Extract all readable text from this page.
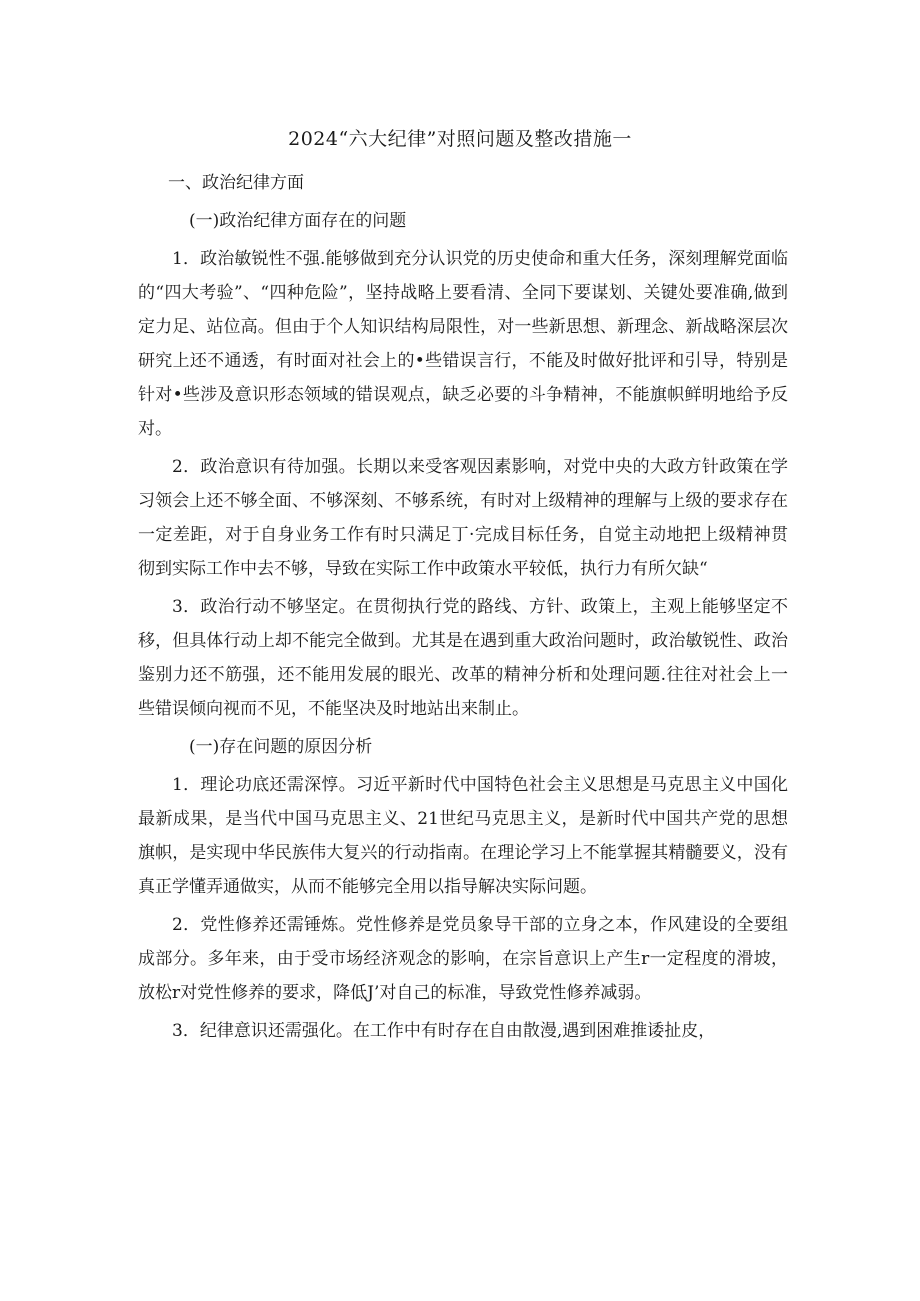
2024“六大纪律”对照问题及整改措施一

一、政治纪律方面

(一)政治纪律方面存在的问题

1．政治敏锐性不强.能够做到充分认识党的历史使命和重大任务，深刻理解党面临的“四大考验”、“四种危险”，坚持战略上要看清、全同下要谋划、关键处要准确,做到定力足、站位高。但由于个人知识结构局限性，对一些新思想、新理念、新战略深层次研究上还不通透，有时面对社会上的•些错误言行，不能及时做好批评和引导，特别是针对•些涉及意识形态领域的错误观点，缺乏必要的斗争精神，不能旗帜鲜明地给予反对。

2．政治意识有待加强。长期以来受客观因素影响，对党中央的大政方针政策在学习领会上还不够全面、不够深刻、不够系统，有时对上级精神的理解与上级的要求存在一定差距，对于自身业务工作有时只满足丁·完成目标任务，自觉主动地把上级精神贯彻到实际工作中去不够，导致在实际工作中政策水平较低，执行力有所欠缺“

3．政治行动不够坚定。在贯彻执行党的路线、方针、政策上，主观上能够坚定不移，但具体行动上却不能完全做到。尤其是在遇到重大政治问题时，政治敏锐性、政治鉴别力还不筋强，还不能用发展的眼光、改革的精神分析和处理问题.往往对社会上一些错误倾向视而不见，不能坚决及时地站出来制止。

(一)存在问题的原因分析

1．理论功底还需深惇。习近平新时代中国特色社会主义思想是马克思主义中国化最新成果，是当代中国马克思主义、21世纪马克思主义，是新时代中国共产党的思想旗帜，是实现中华民族伟大复兴的行动指南。在理论学习上不能掌握其精髓要义，没有真正学懂弄通做实，从而不能够完全用以指导解决实际问题。

2．党性修养还需锤炼。党性修养是党员象导干部的立身之本，作风建设的全要组成部分。多年来，由于受市场经济观念的影响，在宗旨意识上产生r一定程度的滑坡，放松r对党性修养的要求，降低J’对自己的标准，导致党性修养减弱。

3．纪律意识还需强化。在工作中有时存在自由散漫,遇到困难推诿扯皮，
